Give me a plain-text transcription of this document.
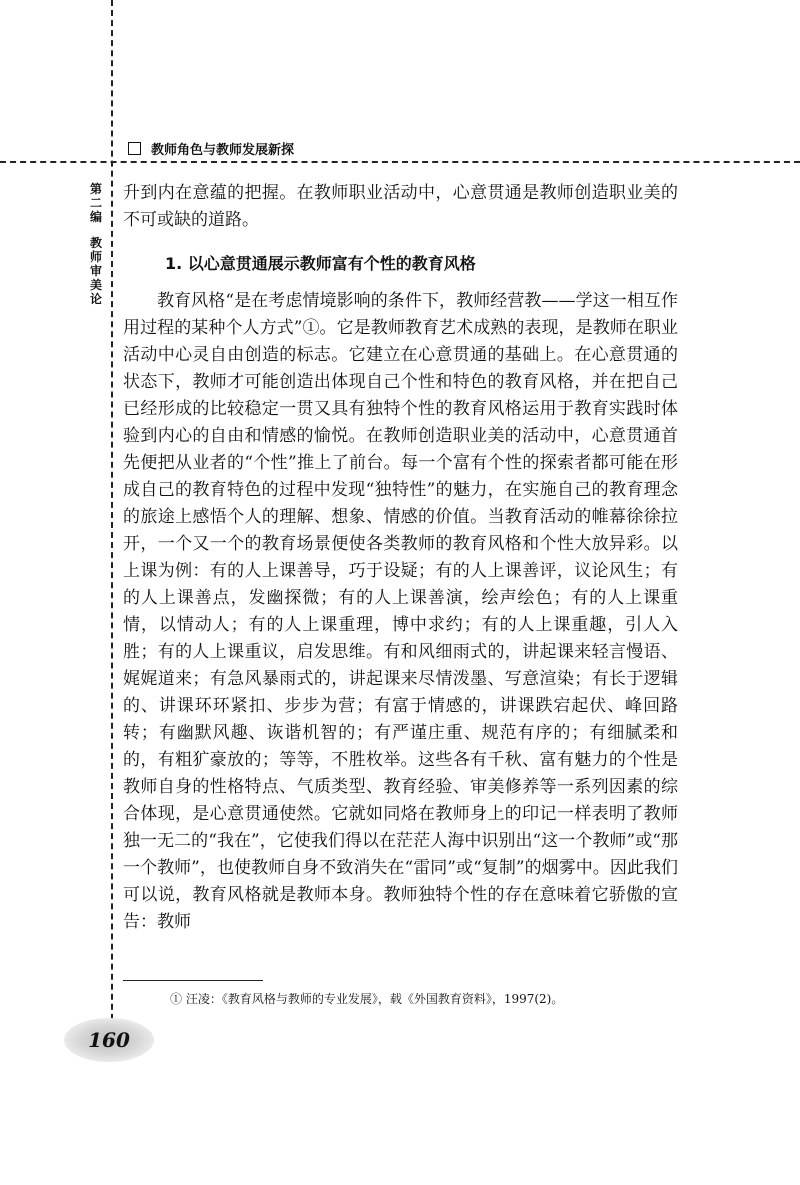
教师角色与教师发展新探
第
二
编
教
师
审
美
论

升到内在意蕴的把握。在教师职业活动中，心意贯通是教师创造职业美的不可或缺的道路。

1. 以心意贯通展示教师富有个性的教育风格

教育风格“是在考虑情境影响的条件下，教师经营教——学这一相互作用过程的某种个人方式”①。它是教师教育艺术成熟的表现，是教师在职业活动中心灵自由创造的标志。它建立在心意贯通的基础上。在心意贯通的状态下，教师才可能创造出体现自己个性和特色的教育风格，并在把自己已经形成的比较稳定一贯又具有独特个性的教育风格运用于教育实践时体验到内心的自由和情感的愉悦。在教师创造职业美的活动中，心意贯通首先便把从业者的“个性”推上了前台。每一个富有个性的探索者都可能在形成自己的教育特色的过程中发现“独特性”的魅力，在实施自己的教育理念的旅途上感悟个人的理解、想象、情感的价值。当教育活动的帷幕徐徐拉开，一个又一个的教育场景便使各类教师的教育风格和个性大放异彩。以上课为例：有的人上课善导，巧于设疑；有的人上课善评，议论风生；有的人上课善点，发幽探微；有的人上课善演，绘声绘色；有的人上课重情，以情动人；有的人上课重理，博中求约；有的人上课重趣，引人入胜；有的人上课重议，启发思维。有和风细雨式的，讲起课来轻言慢语、娓娓道来；有急风暴雨式的，讲起课来尽情泼墨、写意渲染；有长于逻辑的、讲课环环紧扣、步步为营；有富于情感的，讲课跌宕起伏、峰回路转；有幽默风趣、诙谐机智的；有严谨庄重、规范有序的；有细腻柔和的，有粗犷豪放的；等等，不胜枚举。这些各有千秋、富有魅力的个性是教师自身的性格特点、气质类型、教育经验、审美修养等一系列因素的综合体现，是心意贯通使然。它就如同烙在教师身上的印记一样表明了教师独一无二的“我在”，它使我们得以在茫茫人海中识别出“这一个教师”或“那一个教师”，也使教师自身不致消失在“雷同”或“复制”的烟雾中。因此我们可以说，教育风格就是教师本身。教师独特个性的存在意味着它骄傲的宣告：教师

① 汪凌：《教育风格与教师的专业发展》，载《外国教育资料》，1997(2)。
160
